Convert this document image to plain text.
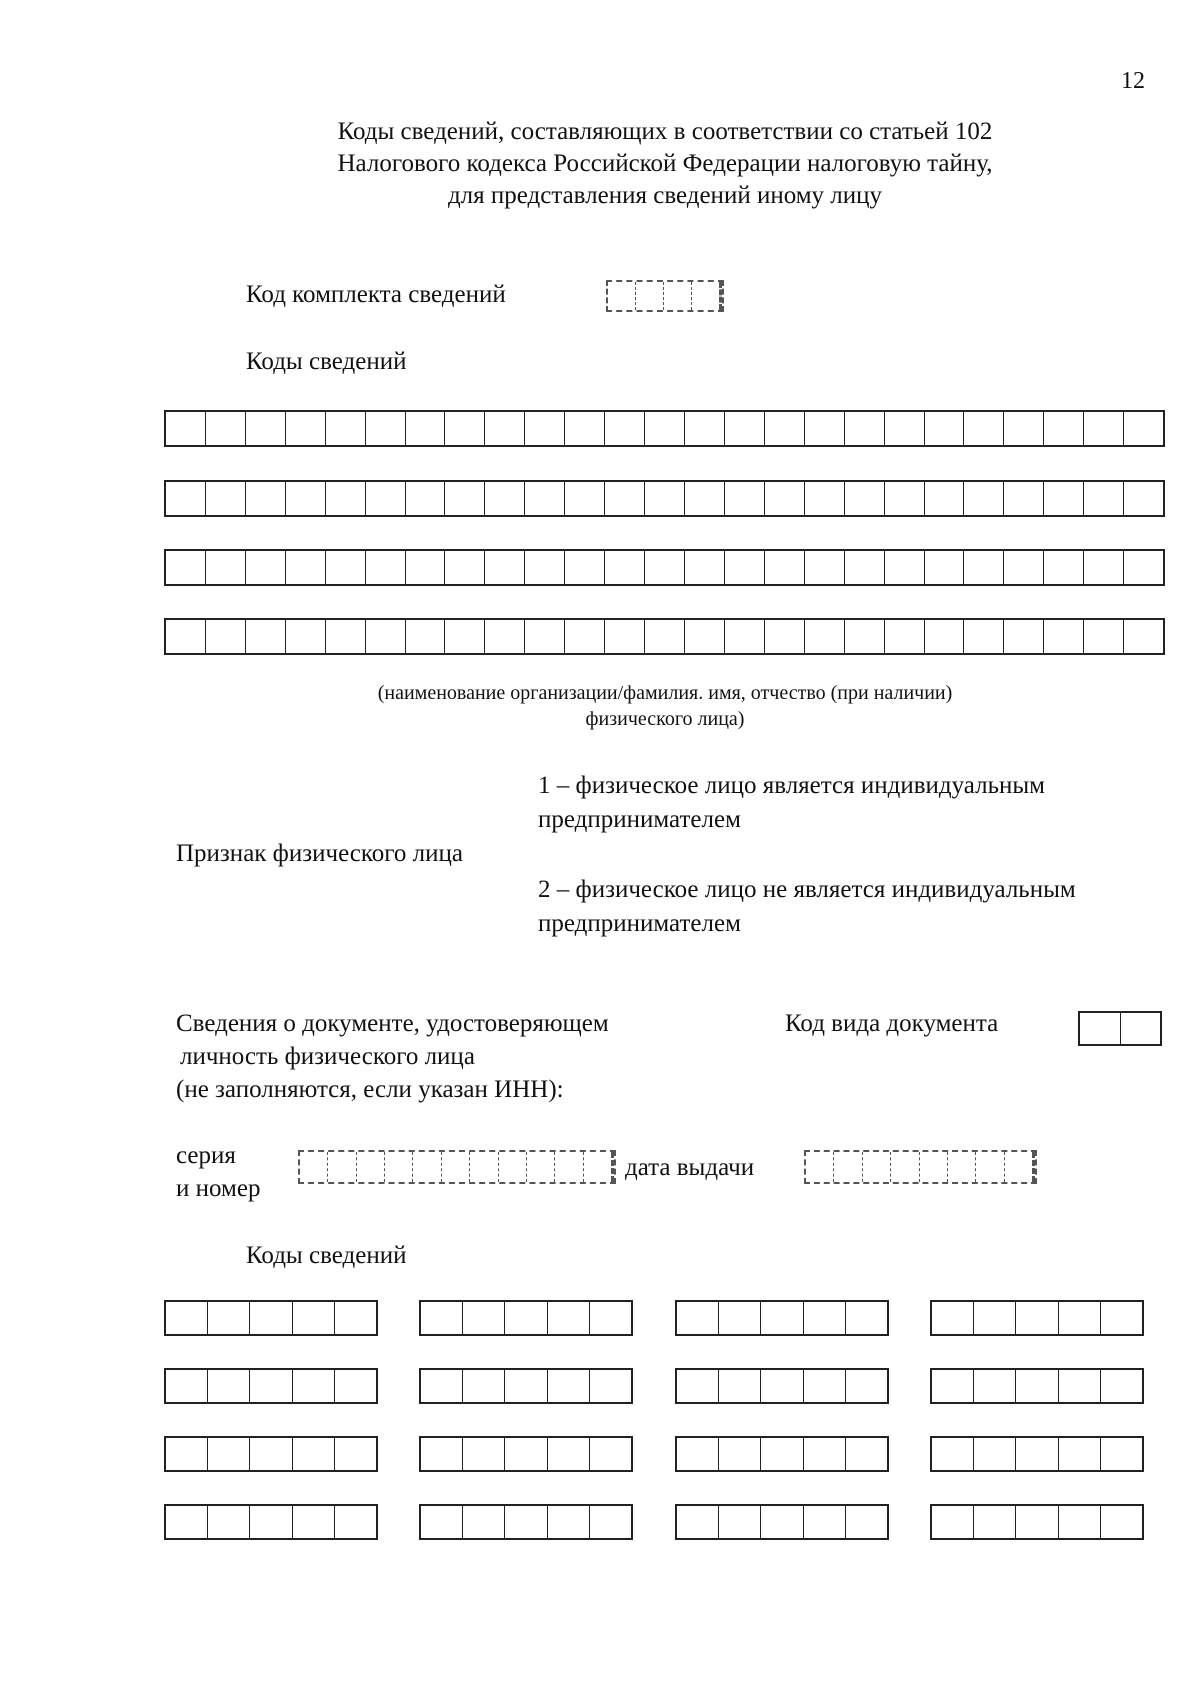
12
Коды сведений, составляющих в соответствии со статьей 102
Налогового кодекса Российской Федерации налоговую тайну,
для представления сведений иному лицу
Код комплекта сведений
Коды сведений
(наименование организации/фамилия. имя, отчество (при наличии)
физического лица)
1 – физическое лицо является индивидуальным
предпринимателем
Признак физического лица
2 – физическое лицо не является индивидуальным
предпринимателем
Сведения о документе, удостоверяющем
личность физического лица
(не заполняются, если указан ИНН):
Код вида документа
серия
и номер
дата выдачи
Коды сведений
